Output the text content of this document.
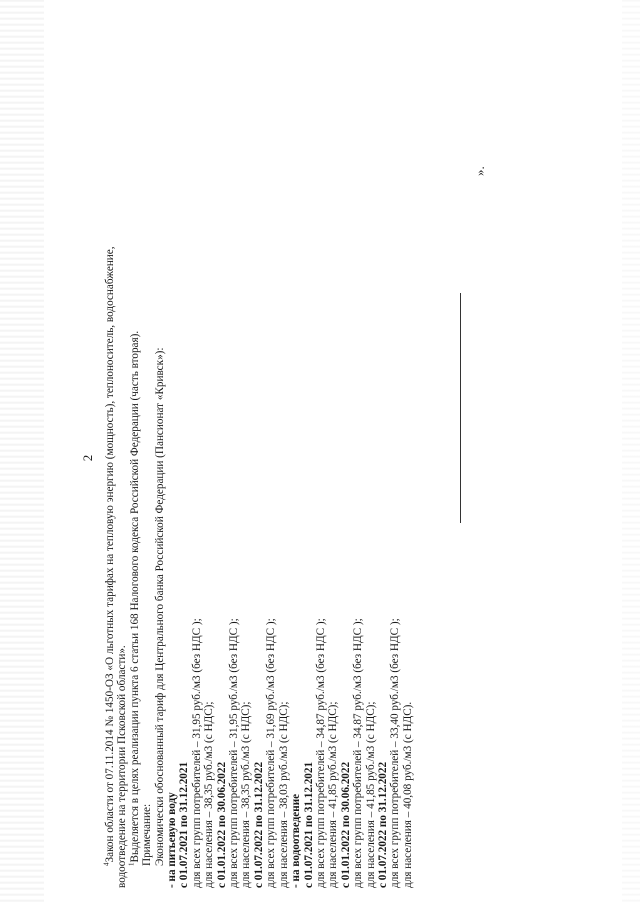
2

$^4$Закон области от 07.11.2014 № 1450-ОЗ «О льготных тарифах на тепловую энергию (мощность), теплоноситель, водоснабжение, водоотведение на территории Псковской области».

$^1$Выделяется в целях реализации пункта 6 статьи 168 Налогового кодекса Российской Федерации (часть вторая). Примечание: Экономически обоснованный тариф для Центрального банка Российской Федерации (Пансионат «Кривск»): - на питьевую воду с 01.07.2021 по 31.12.2021 для всех групп потребителей – 31,95 руб./м3 (без НДС ); для населения – 38,35 руб./м3 (с НДС); с 01.01.2022 по 30.06.2022 для всех групп потребителей – 31,95 руб./м3 (без НДС ); для населения – 38,35 руб./м3 (с НДС); с 01.07.2022 по 31.12.2022 для всех групп потребителей – 31,69 руб./м3 (без НДС ); для населения – 38,03 руб./м3 (с НДС); - на водоотведение с 01.07.2021 по 31.12.2021 для всех групп потребителей – 34,87 руб./м3 (без НДС ); для населения – 41,85 руб./м3 (с НДС); с 01.01.2022 по 30.06.2022 для всех групп потребителей – 34,87 руб./м3 (без НДС ); для населения – 41,85 руб./м3 (с НДС); с 01.07.2022 по 31.12.2022 для всех групп потребителей – 33,40 руб./м3 (без НДС ); для населения – 40,08 руб./м3 (с НДС).

».
